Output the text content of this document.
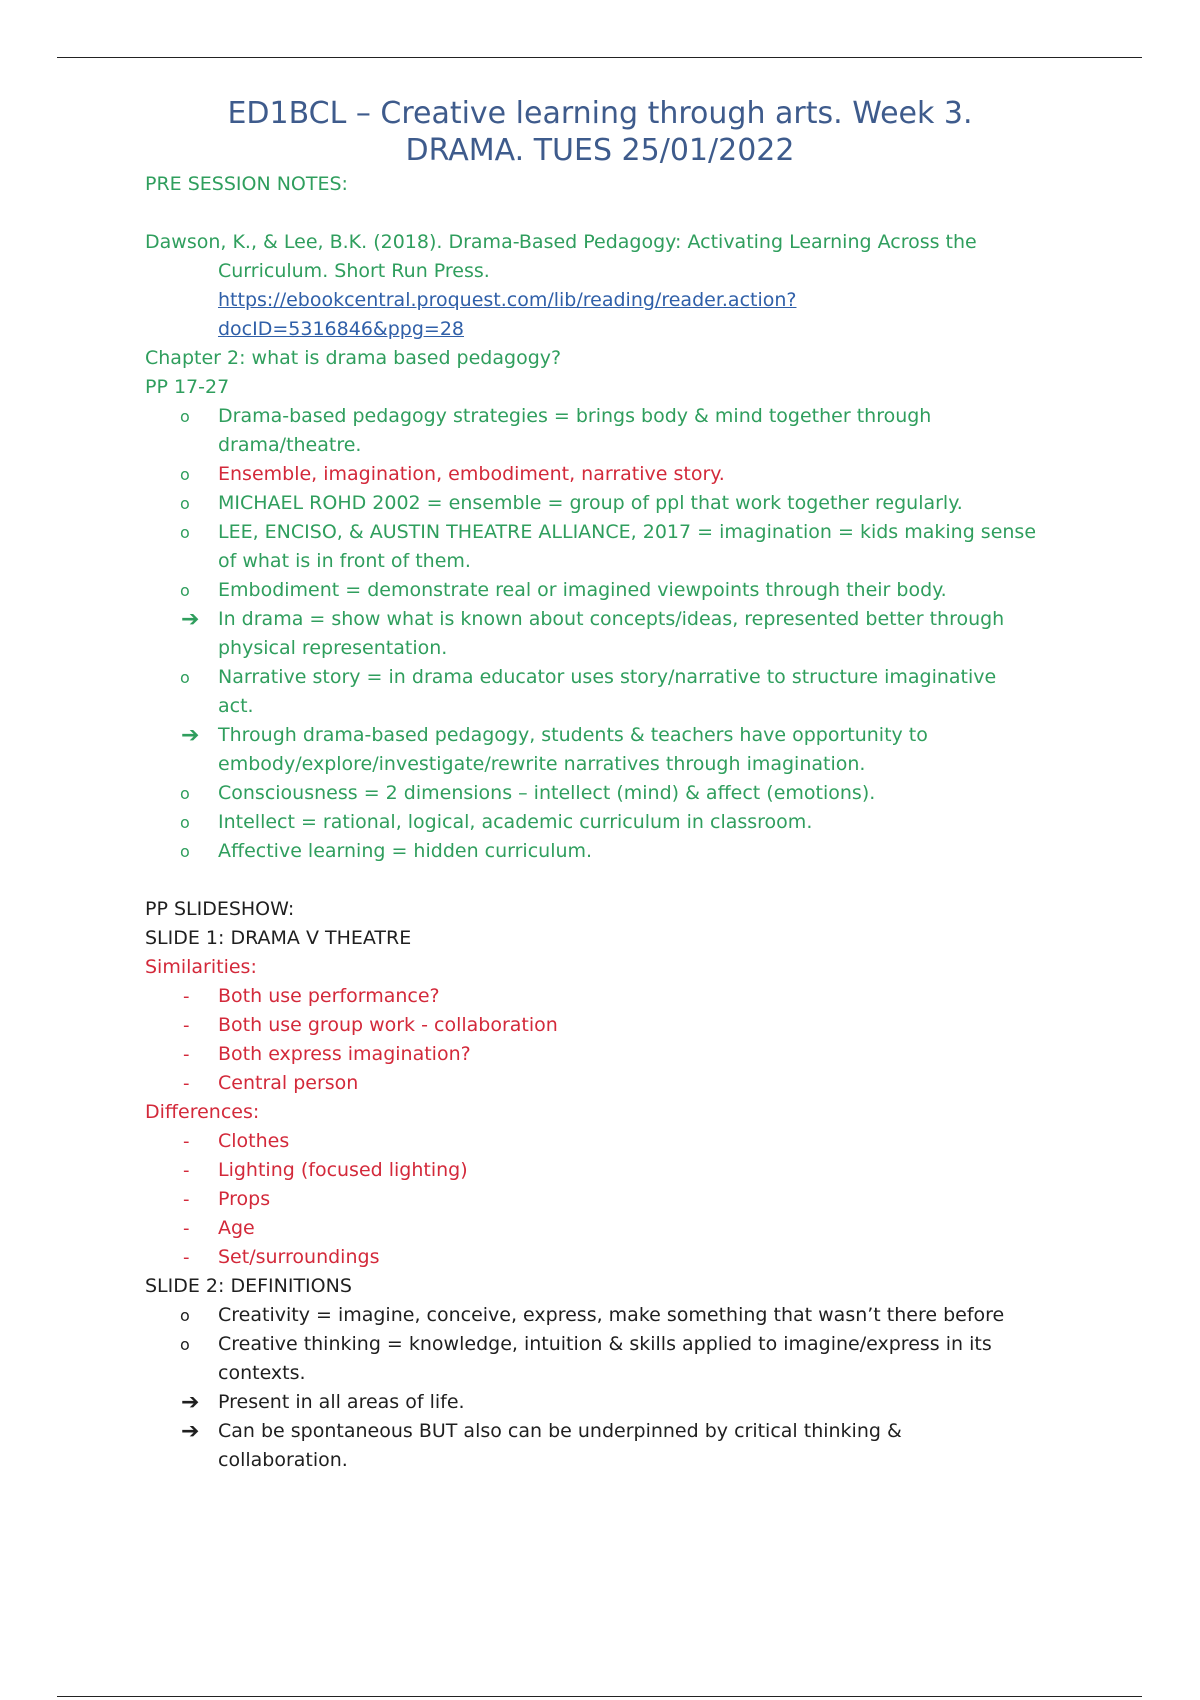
ED1BCL – Creative learning through arts. Week 3.
DRAMA. TUES 25/01/2022
PRE SESSION NOTES:
Dawson, K., & Lee, B.K. (2018). Drama-Based Pedagogy: Activating Learning Across the
Curriculum. Short Run Press.
https://ebookcentral.proquest.com/lib/reading/reader.action?
docID=5316846&ppg=28
Chapter 2: what is drama based pedagogy?
PP 17-27
o	Drama-based pedagogy strategies = brings body & mind together through
drama/theatre.
o	Ensemble, imagination, embodiment, narrative story.
o	MICHAEL ROHD 2002 = ensemble = group of ppl that work together regularly.
o	LEE, ENCISO, & AUSTIN THEATRE ALLIANCE, 2017 = imagination = kids making sense
of what is in front of them.
o	Embodiment = demonstrate real or imagined viewpoints through their body.
➔ In drama = show what is known about concepts/ideas, represented better through
physical representation.
o	Narrative story = in drama educator uses story/narrative to structure imaginative
act.
➔ Through drama-based pedagogy, students & teachers have opportunity to
embody/explore/investigate/rewrite narratives through imagination.
o	Consciousness = 2 dimensions – intellect (mind) & affect (emotions).
o	Intellect = rational, logical, academic curriculum in classroom.
o	Affective learning = hidden curriculum.
PP SLIDESHOW:
SLIDE 1: DRAMA V THEATRE
Similarities:
-	Both use performance?
-	Both use group work - collaboration
-	Both express imagination?
-	Central person
Differences:
-	Clothes
-	Lighting (focused lighting)
-	Props
-	Age
-	Set/surroundings
SLIDE 2: DEFINITIONS
o	Creativity = imagine, conceive, express, make something that wasn’t there before
o	Creative thinking = knowledge, intuition & skills applied to imagine/express in its
contexts.
➔ Present in all areas of life.
➔ Can be spontaneous BUT also can be underpinned by critical thinking &
collaboration.
